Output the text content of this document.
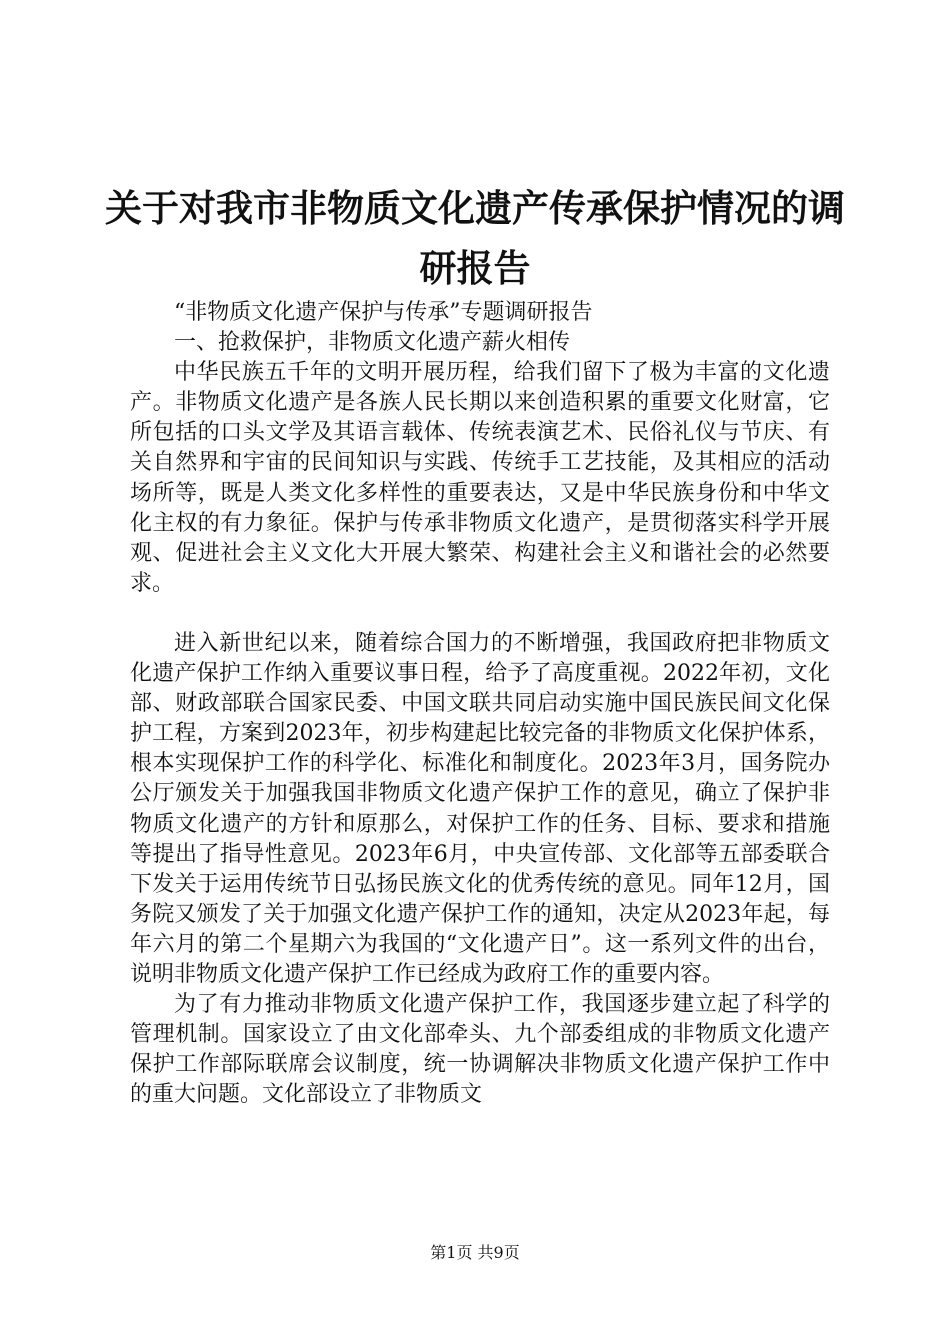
关于对我市非物质文化遗产传承保护情况的调
研报告

“非物质文化遗产保护与传承”专题调研报告

一、抢救保护，非物质文化遗产薪火相传

中华民族五千年的文明开展历程，给我们留下了极为丰富的文化遗产。非物质文化遗产是各族人民长期以来创造积累的重要文化财富，它所包括的口头文学及其语言载体、传统表演艺术、民俗礼仪与节庆、有关自然界和宇宙的民间知识与实践、传统手工艺技能，及其相应的活动场所等，既是人类文化多样性的重要表达，又是中华民族身份和中华文化主权的有力象征。保护与传承非物质文化遗产，是贯彻落实科学开展观、促进社会主义文化大开展大繁荣、构建社会主义和谐社会的必然要求。

进入新世纪以来，随着综合国力的不断增强，我国政府把非物质文化遗产保护工作纳入重要议事日程，给予了高度重视。2022年初，文化部、财政部联合国家民委、中国文联共同启动实施中国民族民间文化保护工程，方案到2023年，初步构建起比较完备的非物质文化保护体系，根本实现保护工作的科学化、标准化和制度化。2023年3月，国务院办公厅颁发关于加强我国非物质文化遗产保护工作的意见，确立了保护非物质文化遗产的方针和原那么，对保护工作的任务、目标、要求和措施等提出了指导性意见。2023年6月，中央宣传部、文化部等五部委联合下发关于运用传统节日弘扬民族文化的优秀传统的意见。同年12月，国务院又颁发了关于加强文化遗产保护工作的通知，决定从2023年起，每年六月的第二个星期六为我国的“文化遗产日”。这一系列文件的出台，说明非物质文化遗产保护工作已经成为政府工作的重要内容。

为了有力推动非物质文化遗产保护工作，我国逐步建立起了科学的管理机制。国家设立了由文化部牵头、九个部委组成的非物质文化遗产保护工作部际联席会议制度，统一协调解决非物质文化遗产保护工作中的重大问题。文化部设立了非物质文

第1页 共9页
